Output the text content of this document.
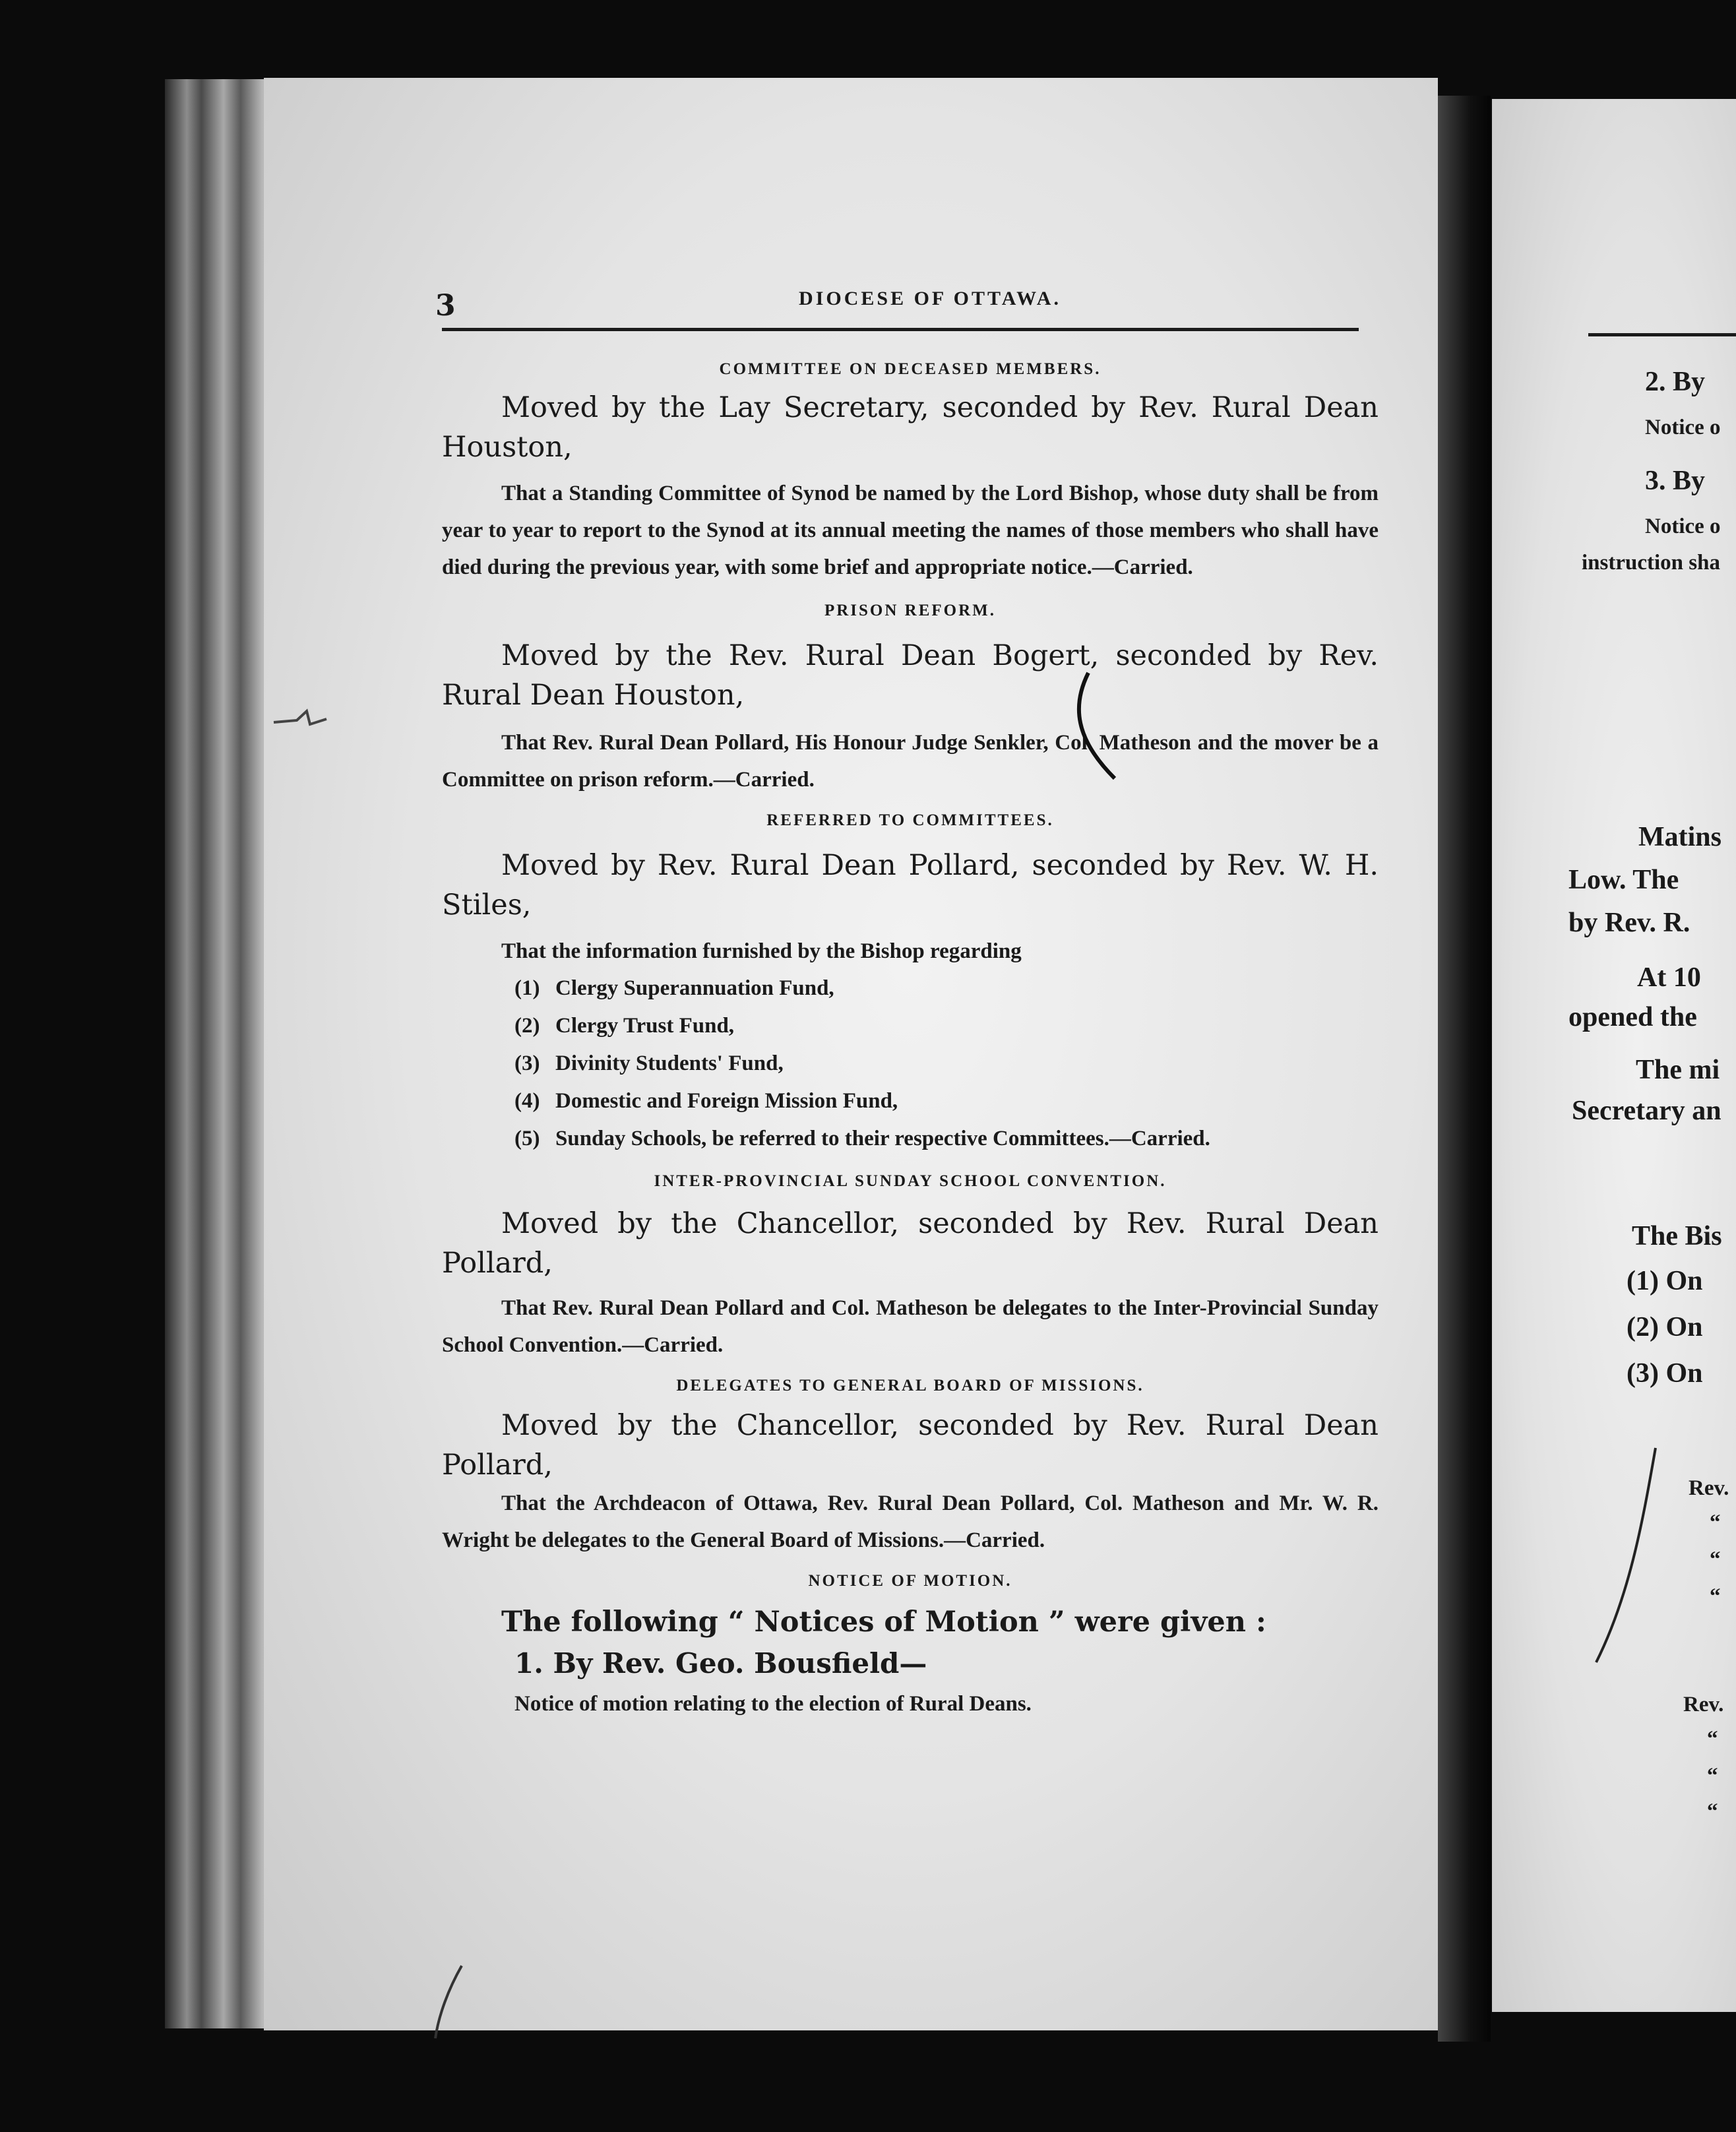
3	DIOCESE OF OTTAWA.

COMMITTEE ON DECEASED MEMBERS.

Moved by the Lay Secretary, seconded by Rev. Rural Dean Houston,

That a Standing Committee of Synod be named by the Lord Bishop, whose duty shall be from year to year to report to the Synod at its annual meeting the names of those members who shall have died during the previous year, with some brief and appropriate notice.—Carried.

PRISON REFORM.

Moved by the Rev. Rural Dean Bogert, seconded by Rev. Rural Dean Houston,

That Rev. Rural Dean Pollard, His Honour Judge Senkler, Col. Matheson and the mover be a Committee on prison reform.—Carried.

REFERRED TO COMMITTEES.

Moved by Rev. Rural Dean Pollard, seconded by Rev. W. H. Stiles,

That the information furnished by the Bishop regarding

(1) Clergy Superannuation Fund,
(2) Clergy Trust Fund,
(3) Divinity Students' Fund,
(4) Domestic and Foreign Mission Fund,
(5) Sunday Schools, be referred to their respective Committees.—Carried.

INTER-PROVINCIAL SUNDAY SCHOOL CONVENTION.

Moved by the Chancellor, seconded by Rev. Rural Dean Pollard,

That Rev. Rural Dean Pollard and Col. Matheson be delegates to the Inter-Provincial Sunday School Convention.—Carried.

DELEGATES TO GENERAL BOARD OF MISSIONS.

Moved by the Chancellor, seconded by Rev. Rural Dean Pollard,

That the Archdeacon of Ottawa, Rev. Rural Dean Pollard, Col. Matheson and Mr. W. R. Wright be delegates to the General Board of Missions.—Carried.

NOTICE OF MOTION.

The following “ Notices of Motion ” were given :

1. By Rev. Geo. Bousfield—

Notice of motion relating to the election of Rural Deans.

2. By
Notice o
3. By
Notice o
instruction sha
Matins
Low. The
by Rev. R.
At 10
opened the
The mi
Secretary an
The Bis
(1) On
(2) On
(3) On
Rev.
“
“
“
Rev.
“
“
“
